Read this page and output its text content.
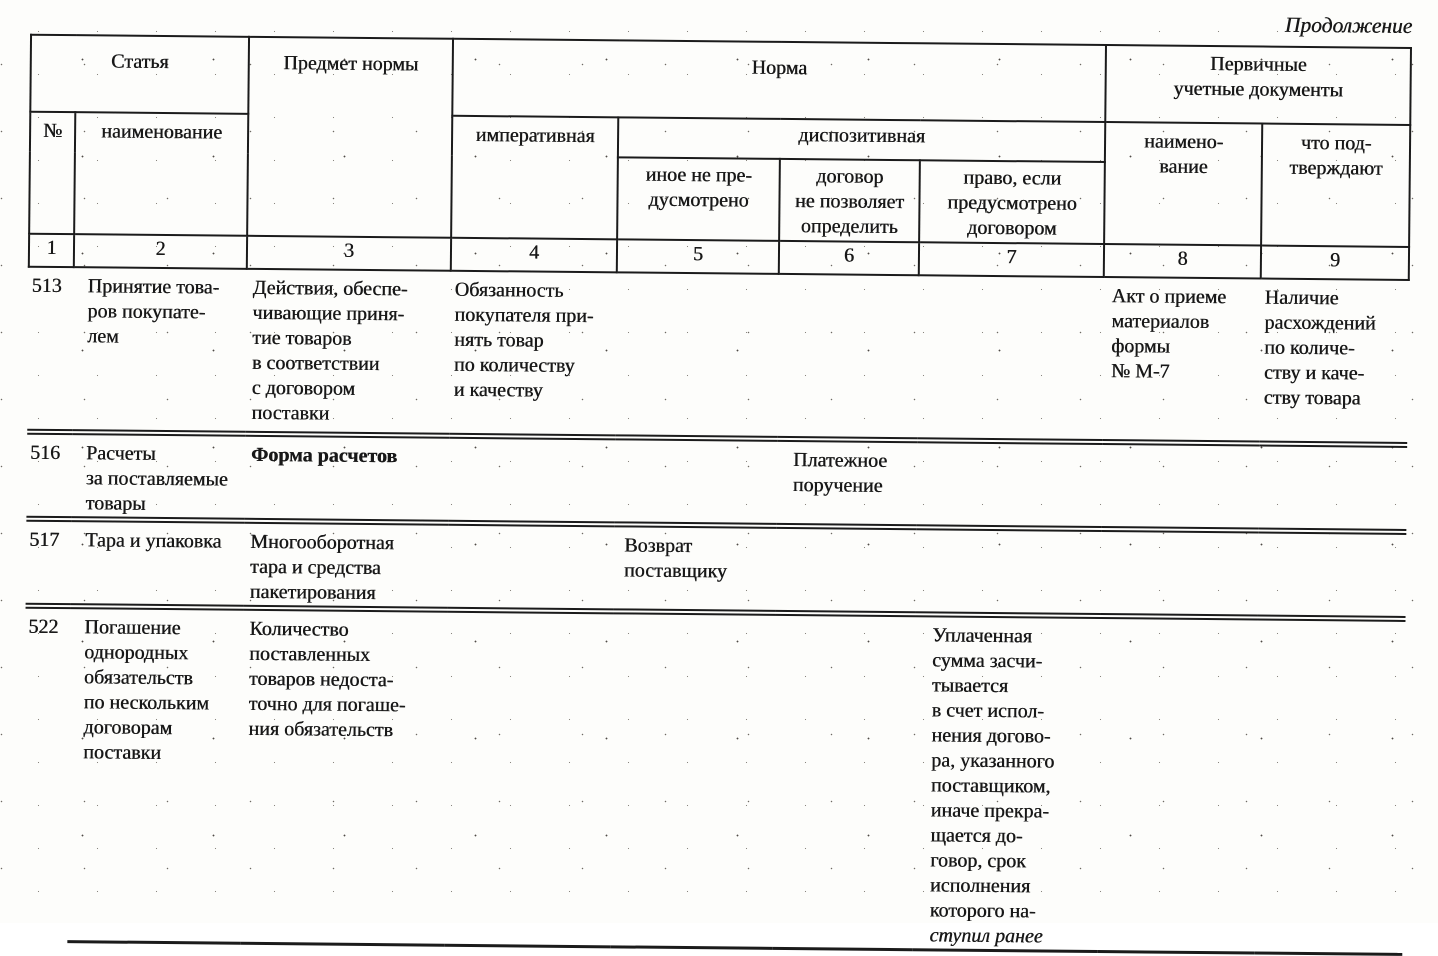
Продолжение
Статья		Предмет нормы	Норма				Первичные
учетные документы	
№	наименование		императивная	диспозитивная			наимено-
вание	что под-
тверждают
				иное не пре-
дусмотрено	договор
не позволяет
определить	право, если
предусмотрено
договором		
1	2	3	4	5	6	7	8	9
513	Принятие това-
ров покупате-
лем	Действия, обеспе-
чивающие приня-
тие товаров
в соответствии
с договором
поставки	Обязанность
покупателя при-
нять товар
по количеству
и качеству				Акт о приеме
материалов
формы
№ М-7	Наличие
расхождений
по количе-
ству и каче-
ству товара
516	Расчеты
за поставляемые
товары	Форма расчетов			Платежное
поручение			
517	Тара и упаковка	Многооборотная
тара и средства
пакетирования		Возврат
поставщику				
522	Погашение
однородных
обязательств
по нескольким
договорам
поставки	Количество
поставленных
товаров недоста-
точно для погаше-
ния обязательств				Уплаченная
сумма засчи-
тывается
в счет испол-
нения догово-
ра, указанного
поставщиком,
иначе прекра-
щается до-
говор, срок
исполнения
которого на-
ступил ранее
